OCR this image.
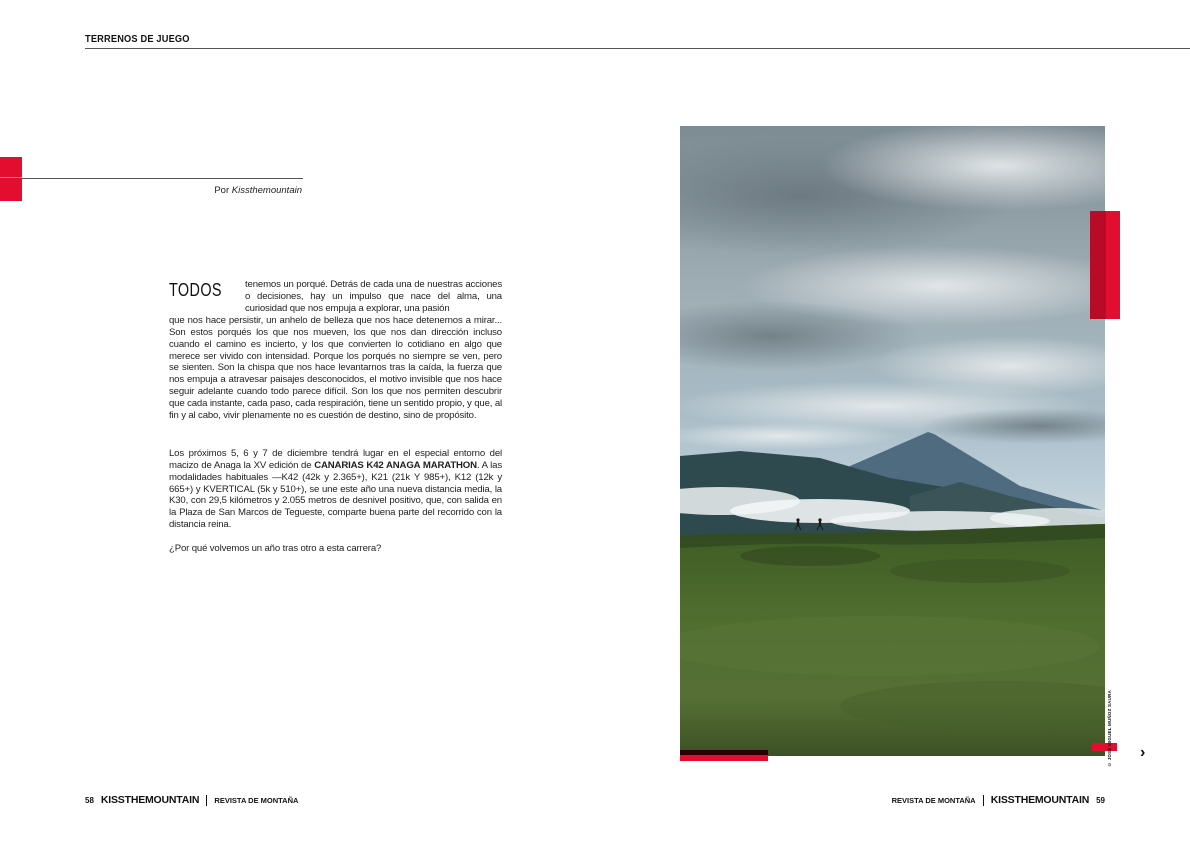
TERRENOS DE JUEGO
Por Kissthemountain
TODOS tenemos un porqué. Detrás de cada una de nuestras acciones o decisiones, hay un impulso que nace del alma, una curiosidad que nos empuja a explorar, una pasión
que nos hace persistir, un anhelo de belleza que nos hace detenernos a mirar... Son estos porqués los que nos mueven, los que nos dan dirección incluso cuando el camino es incierto, y los que convierten lo cotidiano en algo que merece ser vivido con intensidad. Porque los porqués no siempre se ven, pero se sienten. Son la chispa que nos hace levantarnos tras la caída, la fuerza que nos empuja a atravesar paisajes desconocidos, el motivo invisible que nos hace seguir adelante cuando todo parece difícil. Son los que nos permiten descubrir que cada instante, cada paso, cada respiración, tiene un sentido propio, y que, al fin y al cabo, vivir plenamente no es cuestión de destino, sino de propósito.
Los próximos 5, 6 y 7 de diciembre tendrá lugar en el especial entorno del macizo de Anaga la XV edición de CANARIAS K42 ANAGA MARATHON. A las modalidades habituales —K42 (42k y 2.365+), K21 (21k Y 985+), K12 (12k y 665+) y KVERTICAL (5k y 510+), se une este año una nueva distancia media, la K30, con 29,5 kilómetros y 2.055 metros de desnivel positivo, que, con salida en la Plaza de San Marcos de Tegueste, comparte buena parte del recorrido con la distancia reina.
¿Por qué volvemos un año tras otro a esta carrera?
© JOSÉ MIGUEL MUÑOZ SAURA ›
58 KISSTHEMOUNTAIN REVISTA DE MONTAÑA	REVISTA DE MONTAÑA KISSTHEMOUNTAIN 59
